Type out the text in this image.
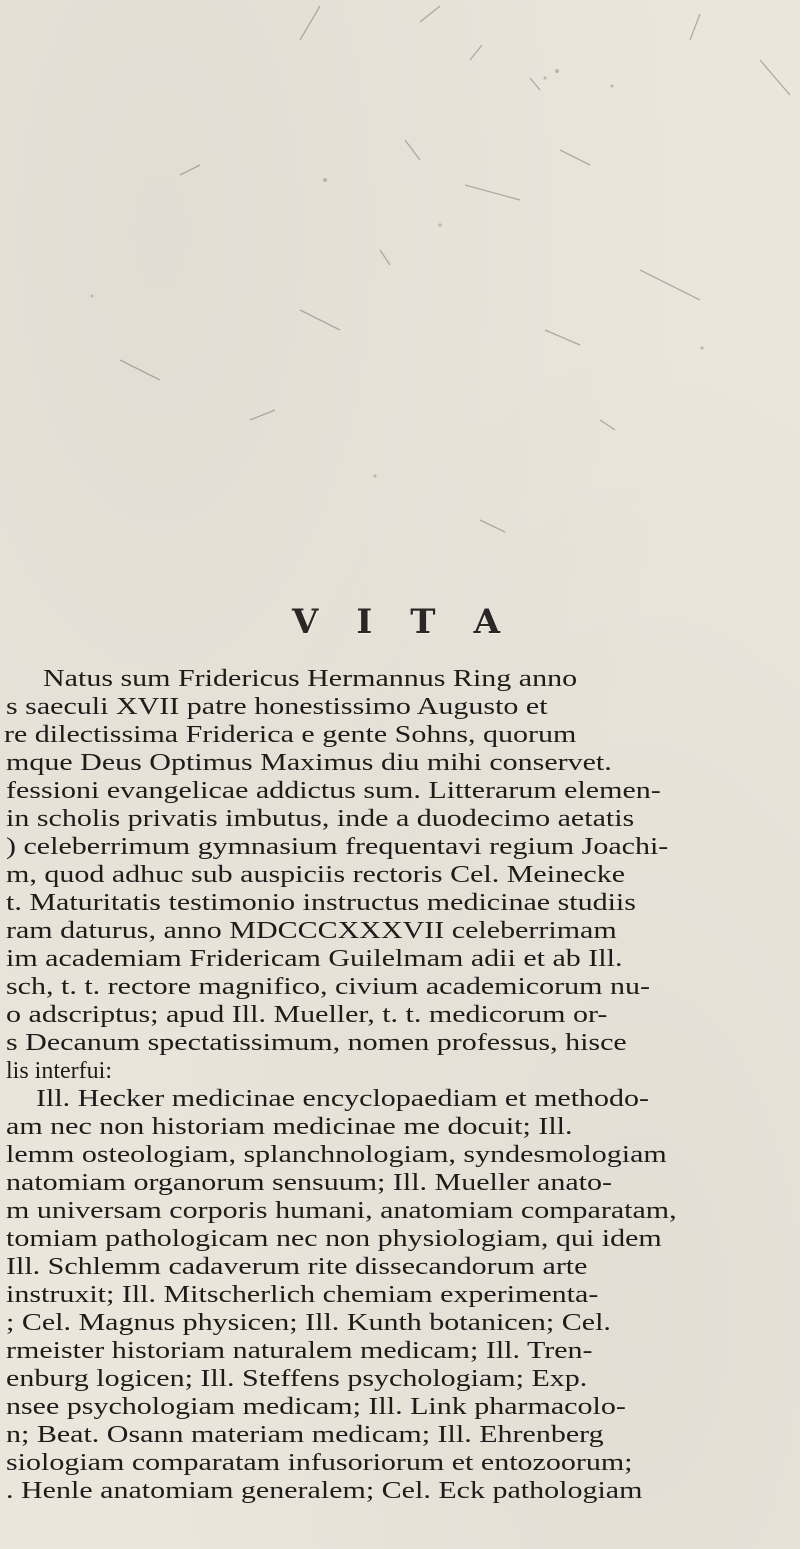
V I T A
Natus sum Fridericus Hermannus Ring anno
s saeculi XVII patre honestissimo Augusto et
re dilectissima Friderica e gente Sohns, quorum
mque Deus Optimus Maximus diu mihi conservet.
fessioni evangelicae addictus sum. Litterarum elemen-
in scholis privatis imbutus, inde a duodecimo aetatis
) celeberrimum gymnasium frequentavi regium Joachi-
m, quod adhuc sub auspiciis rectoris Cel. Meinecke
t. Maturitatis testimonio instructus medicinae studiis
ram daturus, anno MDCCCXXXVII celeberrimam
im academiam Fridericam Guilelmam adii et ab Ill.
sch, t. t. rectore magnifico, civium academicorum nu-
o adscriptus; apud Ill. Mueller, t. t. medicorum or-
s Decanum spectatissimum, nomen professus, hisce
lis interfui:
Ill. Hecker medicinae encyclopaediam et methodo-
am nec non historiam medicinae me docuit; Ill.
lemm osteologiam, splanchnologiam, syndesmologiam
natomiam organorum sensuum; Ill. Mueller anato-
m universam corporis humani, anatomiam comparatam,
tomiam pathologicam nec non physiologiam, qui idem
Ill. Schlemm cadaverum rite dissecandorum arte
instruxit; Ill. Mitscherlich chemiam experimenta-
; Cel. Magnus physicen; Ill. Kunth botanicen; Cel.
rmeister historiam naturalem medicam; Ill. Tren-
enburg logicen; Ill. Steffens psychologiam; Exp.
nsee psychologiam medicam; Ill. Link pharmacolo-
n; Beat. Osann materiam medicam; Ill. Ehrenberg
siologiam comparatam infusoriorum et entozoorum;
. Henle anatomiam generalem; Cel. Eck pathologiam
